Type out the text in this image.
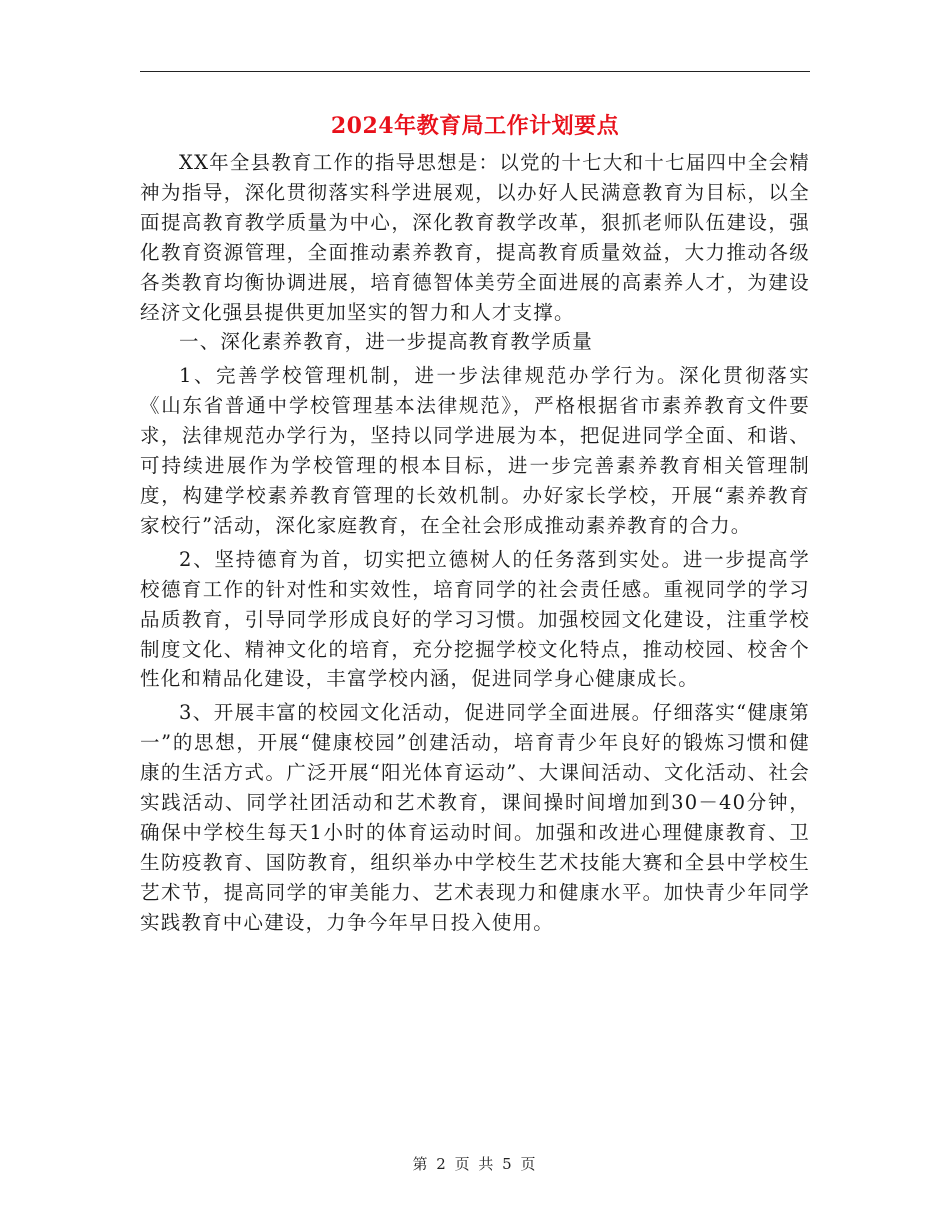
2024年教育局工作计划要点

XX年全县教育工作的指导思想是：以党的十七大和十七届四中全会精神为指导，深化贯彻落实科学进展观，以办好人民满意教育为目标，以全面提高教育教学质量为中心，深化教育教学改革，狠抓老师队伍建设，强化教育资源管理，全面推动素养教育，提高教育质量效益，大力推动各级各类教育均衡协调进展，培育德智体美劳全面进展的高素养人才，为建设经济文化强县提供更加坚实的智力和人才支撑。

一、深化素养教育，进一步提高教育教学质量

1、完善学校管理机制，进一步法律规范办学行为。深化贯彻落实《山东省普通中学校管理基本法律规范》，严格根据省市素养教育文件要求，法律规范办学行为，坚持以同学进展为本，把促进同学全面、和谐、可持续进展作为学校管理的根本目标，进一步完善素养教育相关管理制度，构建学校素养教育管理的长效机制。办好家长学校，开展“素养教育家校行”活动，深化家庭教育，在全社会形成推动素养教育的合力。

2、坚持德育为首，切实把立德树人的任务落到实处。进一步提高学校德育工作的针对性和实效性，培育同学的社会责任感。重视同学的学习品质教育，引导同学形成良好的学习习惯。加强校园文化建设，注重学校制度文化、精神文化的培育，充分挖掘学校文化特点，推动校园、校舍个性化和精品化建设，丰富学校内涵，促进同学身心健康成长。

3、开展丰富的校园文化活动，促进同学全面进展。仔细落实“健康第一”的思想，开展“健康校园”创建活动，培育青少年良好的锻炼习惯和健康的生活方式。广泛开展“阳光体育运动”、大课间活动、文化活动、社会实践活动、同学社团活动和艺术教育，课间操时间增加到30－40分钟，确保中学校生每天1小时的体育运动时间。加强和改进心理健康教育、卫生防疫教育、国防教育，组织举办中学校生艺术技能大赛和全县中学校生艺术节，提高同学的审美能力、艺术表现力和健康水平。加快青少年同学实践教育中心建设，力争今年早日投入使用。

第 2 页 共 5 页
